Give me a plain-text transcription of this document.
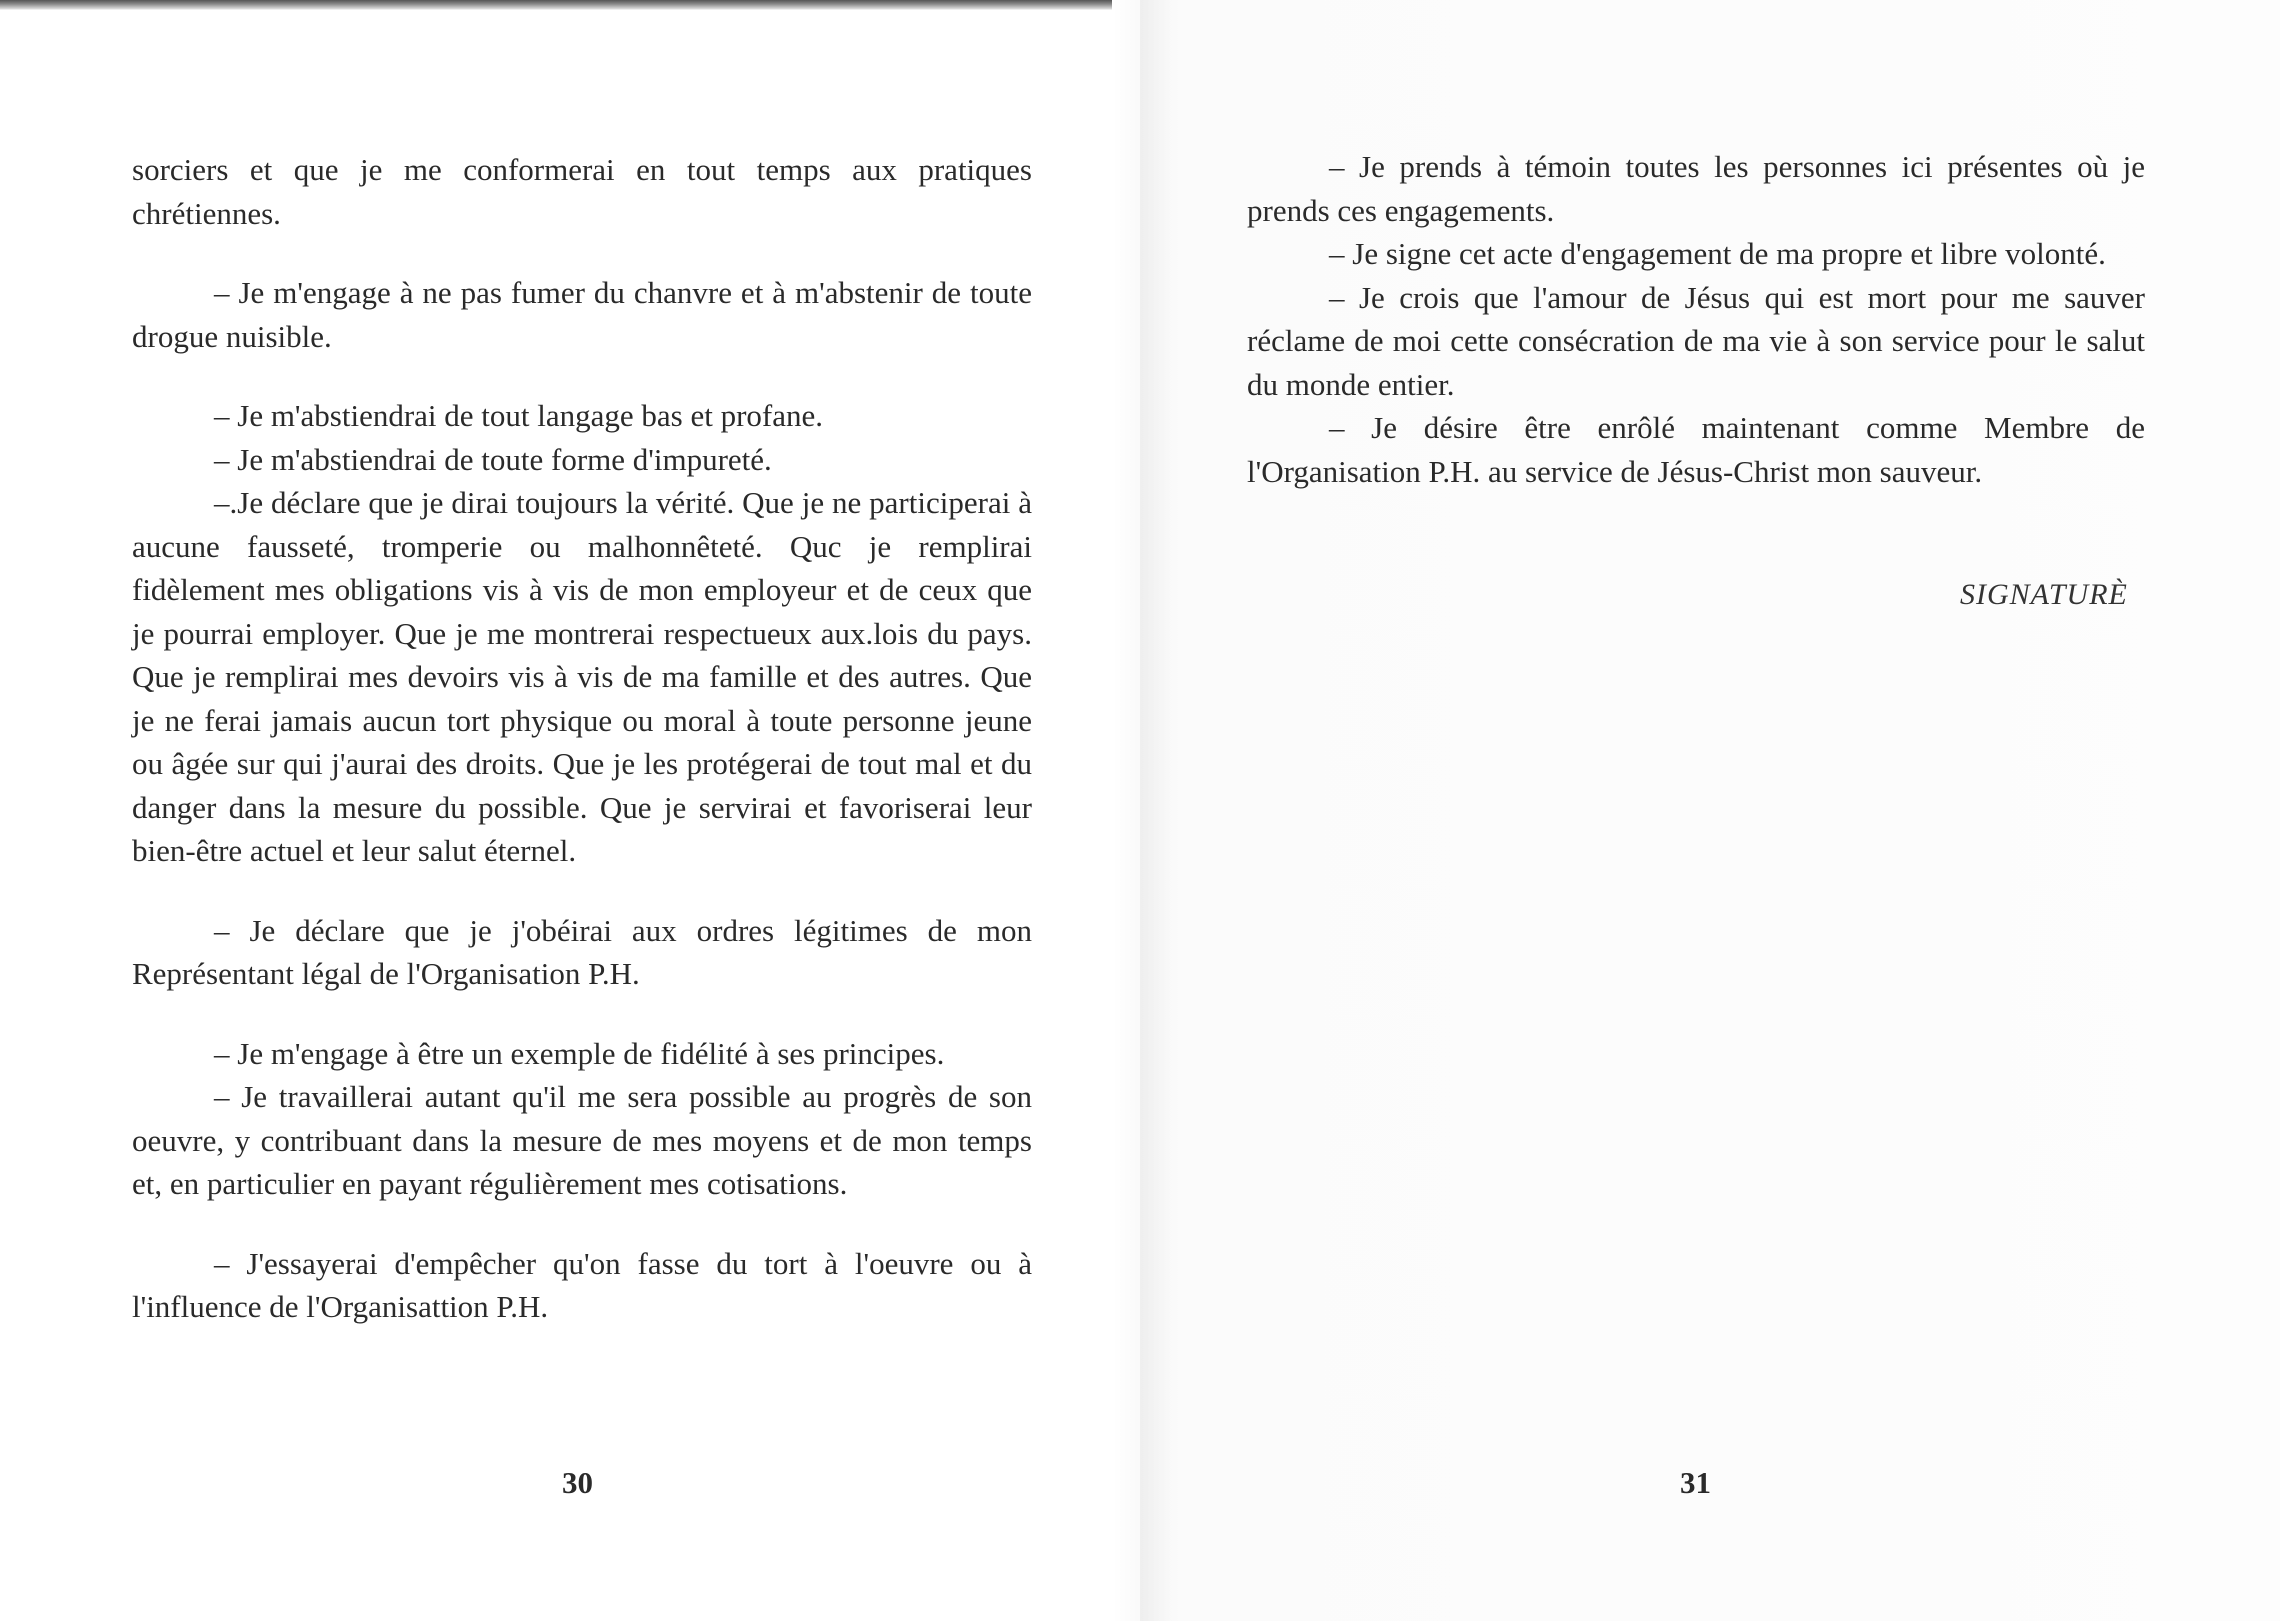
sorciers et que je me conformerai en tout temps aux pratiques chrétiennes.

– Je m'engage à ne pas fumer du chanvre et à m'abstenir de toute drogue nuisible.

– Je m'abstiendrai de tout langage bas et profane.

– Je m'abstiendrai de toute forme d'impureté.

–.Je déclare que je dirai toujours la vérité. Que je ne participerai à aucune fausseté, tromperie ou malhonnêteté. Quc je remplirai fidèlement mes obligations vis à vis de mon employeur et de ceux que je pourrai employer. Que je me montrerai respectueux aux.lois du pays. Que je remplirai mes devoirs vis à vis de ma famille et des autres. Que je ne ferai jamais aucun tort physique ou moral à toute personne jeune ou âgée sur qui j'aurai des droits. Que je les protégerai de tout mal et du danger dans la mesure du possible. Que je servirai et favoriserai leur bien-être actuel et leur salut éternel.

– Je déclare que je j'obéirai aux ordres légitimes de mon Représentant légal de l'Organisation P.H.

– Je m'engage à être un exemple de fidélité à ses principes.

– Je travaillerai autant qu'il me sera possible au progrès de son oeuvre, y contribuant dans la mesure de mes moyens et de mon temps et, en particulier en payant régulièrement mes cotisations.

– J'essayerai d'empêcher qu'on fasse du tort à l'oeuvre ou à l'influence de l'Organisattion P.H.

30

– Je prends à témoin toutes les personnes ici présentes où je prends ces engagements.

– Je signe cet acte d'engagement de ma propre et libre volonté.

– Je crois que l'amour de Jésus qui est mort pour me sauver réclame de moi cette consécration de ma vie à son service pour le salut du monde entier.

– Je désire être enrôlé maintenant comme Membre de l'Organisation P.H. au service de Jésus-Christ mon sauveur.

SIGNATURÈ
31
